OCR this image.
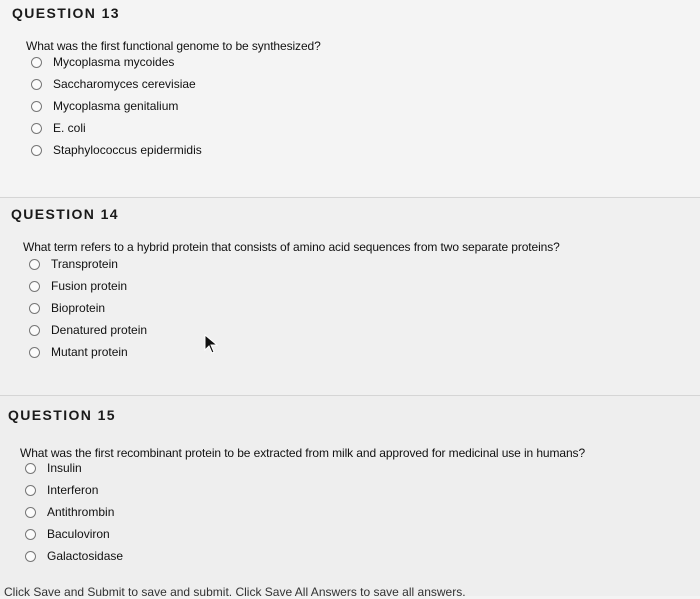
QUESTION 13
What was the first functional genome to be synthesized?
Mycoplasma mycoides
Saccharomyces cerevisiae
Mycoplasma genitalium
E. coli
Staphylococcus epidermidis
QUESTION 14
What term refers to a hybrid protein that consists of amino acid sequences from two separate proteins?
Transprotein
Fusion protein
Bioprotein
Denatured protein
Mutant protein
QUESTION 15
What was the first recombinant protein to be extracted from milk and approved for medicinal use in humans?
Insulin
Interferon
Antithrombin
Baculoviron
Galactosidase
Click Save and Submit to save and submit. Click Save All Answers to save all answers.
